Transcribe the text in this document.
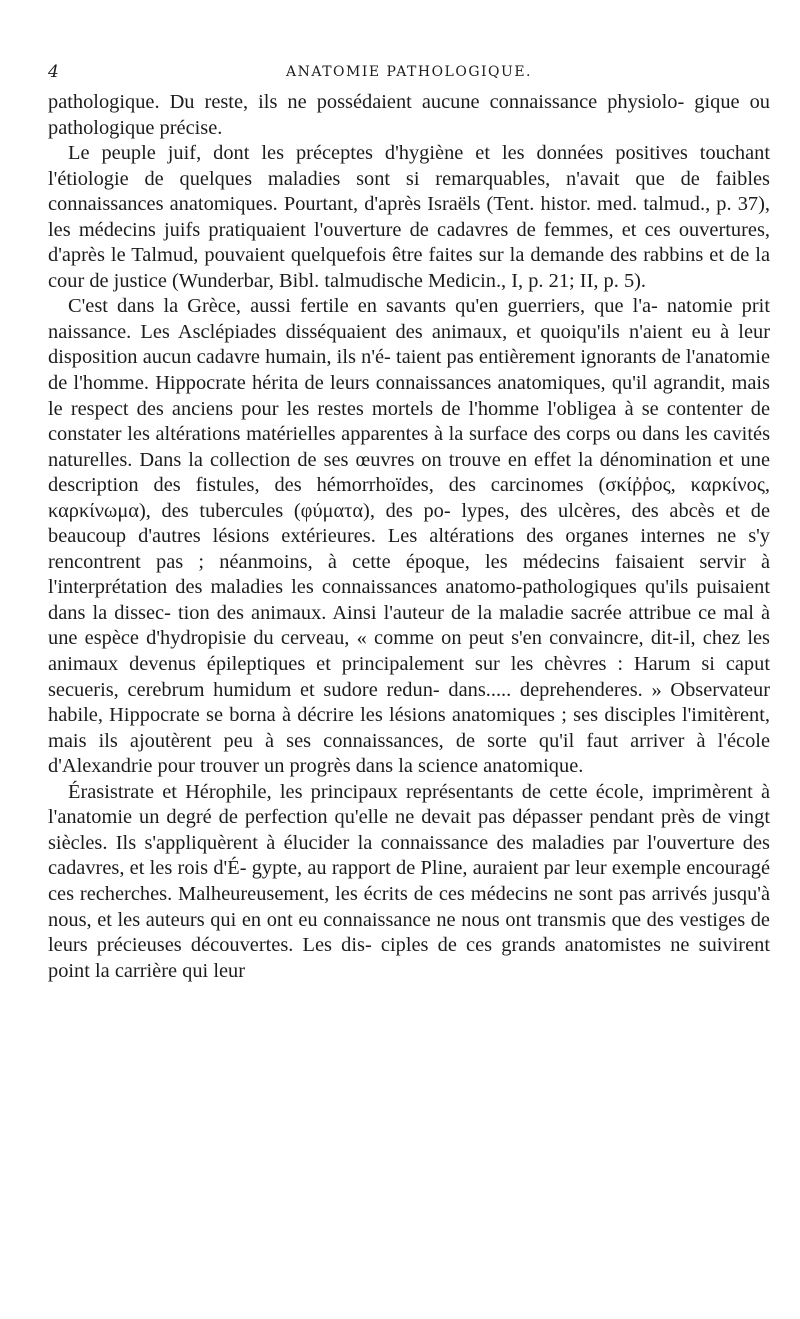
4	ANATOMIE PATHOLOGIQUE.

pathologique. Du reste, ils ne possédaient aucune connaissance physiolo- gique ou pathologique précise.

Le peuple juif, dont les préceptes d'hygiène et les données positives touchant l'étiologie de quelques maladies sont si remarquables, n'avait que de faibles connaissances anatomiques. Pourtant, d'après Israëls (Tent. histor. med. talmud., p. 37), les médecins juifs pratiquaient l'ouverture de cadavres de femmes, et ces ouvertures, d'après le Talmud, pouvaient quelquefois être faites sur la demande des rabbins et de la cour de justice (Wunderbar, Bibl. talmudische Medicin., I, p. 21; II, p. 5).

C'est dans la Grèce, aussi fertile en savants qu'en guerriers, que l'a- natomie prit naissance. Les Asclépiades disséquaient des animaux, et quoiqu'ils n'aient eu à leur disposition aucun cadavre humain, ils n'é- taient pas entièrement ignorants de l'anatomie de l'homme. Hippocrate hérita de leurs connaissances anatomiques, qu'il agrandit, mais le respect des anciens pour les restes mortels de l'homme l'obligea à se contenter de constater les altérations matérielles apparentes à la surface des corps ou dans les cavités naturelles. Dans la collection de ses œuvres on trouve en effet la dénomination et une description des fistules, des hémorrhoïdes, des carcinomes (σκίῤῥος, καρκίνος, καρκίνωμα), des tubercules (φύματα), des po- lypes, des ulcères, des abcès et de beaucoup d'autres lésions extérieures. Les altérations des organes internes ne s'y rencontrent pas ; néanmoins, à cette époque, les médecins faisaient servir à l'interprétation des maladies les connaissances anatomo-pathologiques qu'ils puisaient dans la dissec- tion des animaux. Ainsi l'auteur de la maladie sacrée attribue ce mal à une espèce d'hydropisie du cerveau, « comme on peut s'en convaincre, dit-il, chez les animaux devenus épileptiques et principalement sur les chèvres : Harum si caput secueris, cerebrum humidum et sudore redun- dans..... deprehenderes. » Observateur habile, Hippocrate se borna à décrire les lésions anatomiques ; ses disciples l'imitèrent, mais ils ajoutèrent peu à ses connaissances, de sorte qu'il faut arriver à l'école d'Alexandrie pour trouver un progrès dans la science anatomique.

Érasistrate et Hérophile, les principaux représentants de cette école, imprimèrent à l'anatomie un degré de perfection qu'elle ne devait pas dépasser pendant près de vingt siècles. Ils s'appliquèrent à élucider la connaissance des maladies par l'ouverture des cadavres, et les rois d'É- gypte, au rapport de Pline, auraient par leur exemple encouragé ces recherches. Malheureusement, les écrits de ces médecins ne sont pas arrivés jusqu'à nous, et les auteurs qui en ont eu connaissance ne nous ont transmis que des vestiges de leurs précieuses découvertes. Les dis- ciples de ces grands anatomistes ne suivirent point la carrière qui leur
